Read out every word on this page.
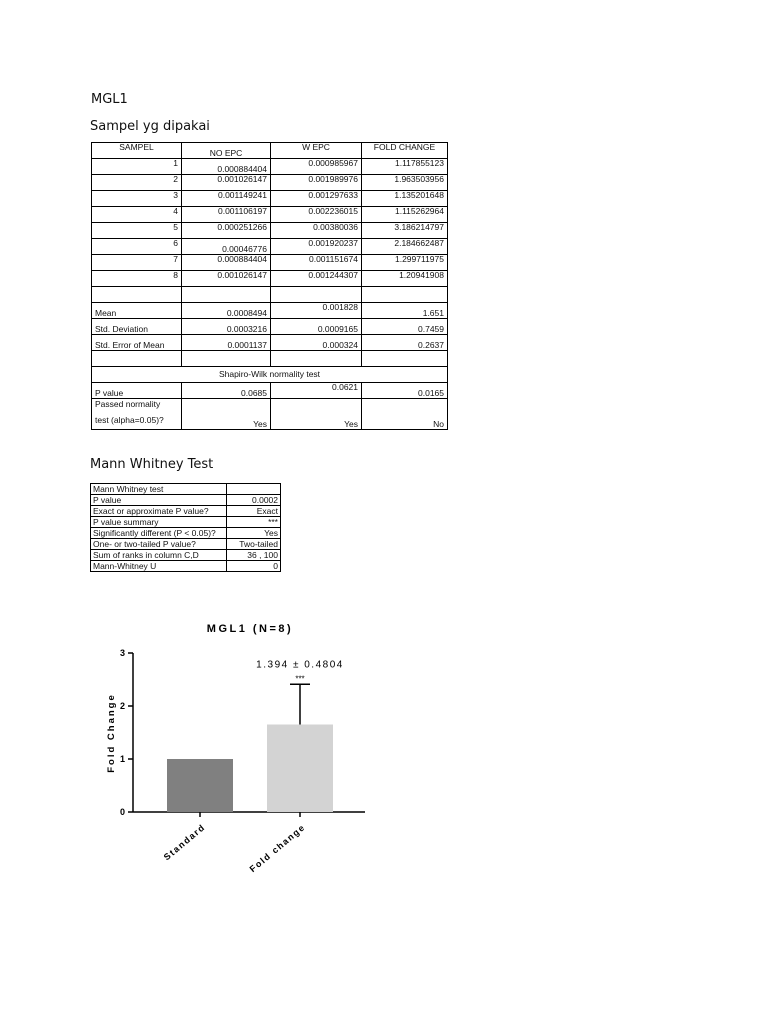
MGL1
Sampel yg dipakai
SAMPEL	NO EPC	W EPC	FOLD CHANGE
1	0.000884404	0.000985967	1.117855123
2	0.001026147	0.001989976	1.963503956
3	0.001149241	0.001297633	1.135201648
4	0.001106197	0.002236015	1.115262964
5	0.000251266	0.00380036	3.186214797
6	0.00046776	0.001920237	2.184662487
7	0.000884404	0.001151674	1.299711975
8	0.001026147	0.001244307	1.20941908

Mean	0.0008494	0.001828	1.651
Std. Deviation	0.0003216	0.0009165	0.7459
Std. Error of Mean	0.0001137	0.000324	0.2637

Shapiro-Wilk normality test			
P value	0.0685	0.0621	0.0165

Passed normality
test (alpha=0.05)?	Yes	Yes	No
Mann Whitney Test
Mann Whitney test	
P value	0.0002
Exact or approximate P value?	Exact
P value summary	***
Significantly different (P < 0.05)?	Yes
One- or two-tailed P value?	Two-tailed
Sum of ranks in column C,D	36 , 100
Mann-Whitney U	0
MGL1 (N=8)
0
1
2
3
Fold Change
Standard	Fold change
***
1.394 ± 0.4804
